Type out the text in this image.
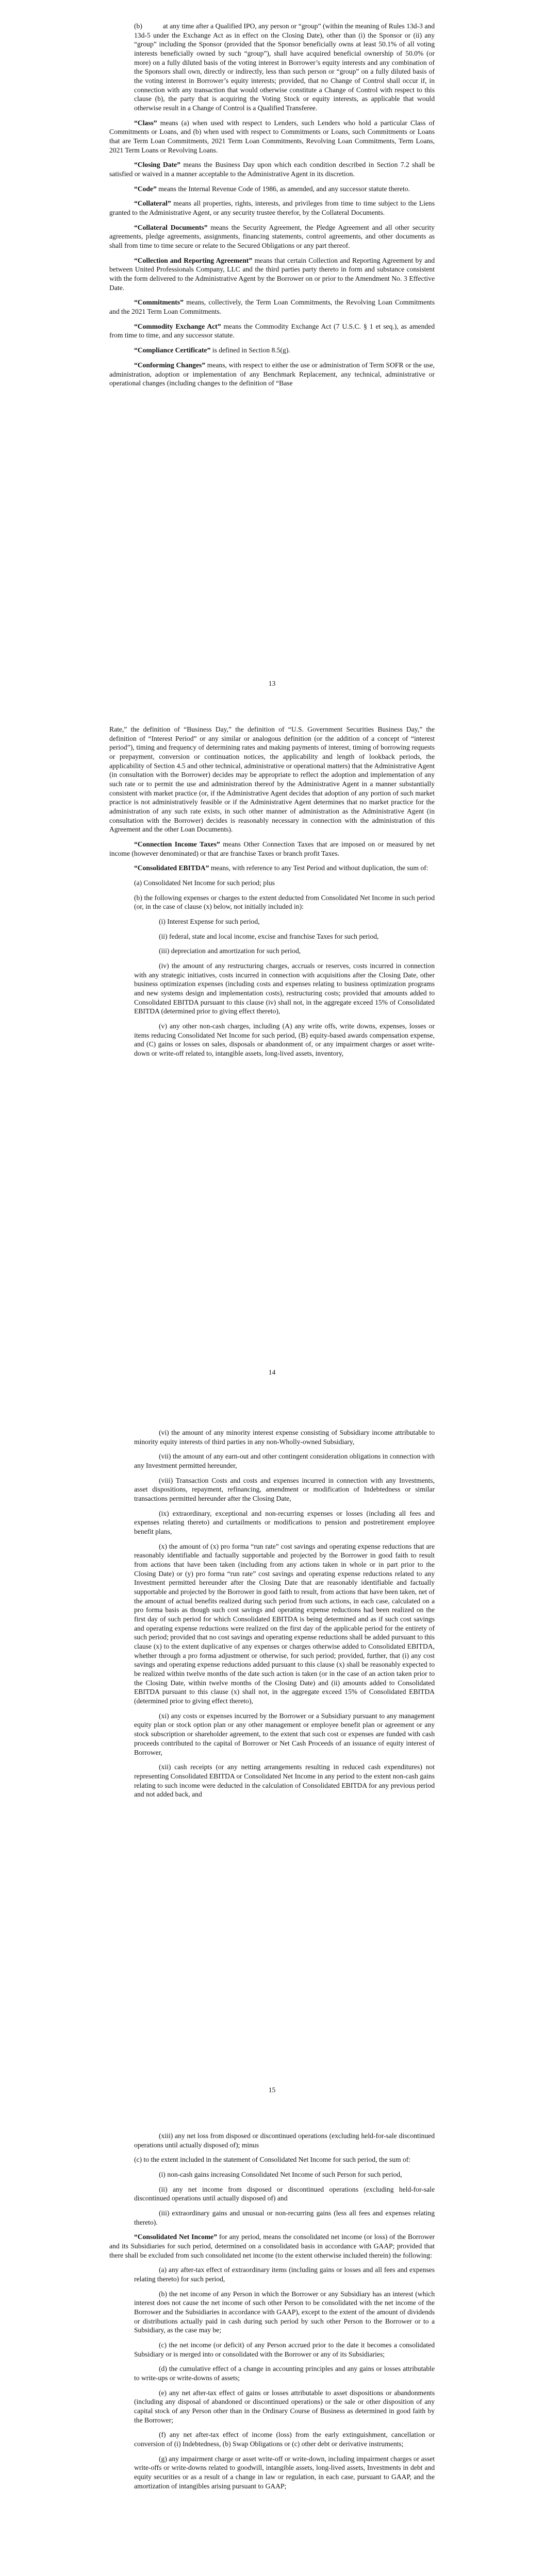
(b)	at any time after a Qualified IPO, any person or “group” (within the meaning of Rules 13d-3 and 13d-5 under the Exchange Act as in effect on the Closing Date), other than (i) the Sponsor or (ii) any “group” including the Sponsor (provided that the Sponsor beneficially owns at least 50.1% of all voting interests beneficially owned by such “group”), shall have acquired beneficial ownership of 50.0% (or more) on a fully diluted basis of the voting interest in Borrower’s equity interests and any combination of the Sponsors shall own, directly or indirectly, less than such person or “group” on a fully diluted basis of the voting interest in Borrower’s equity interests; provided, that no Change of Control shall occur if, in connection with any transaction that would otherwise constitute a Change of Control with respect to this clause (b), the party that is acquiring the Voting Stock or equity interests, as applicable that would otherwise result in a Change of Control is a Qualified Transferee.

“Class” means (a) when used with respect to Lenders, such Lenders who hold a particular Class of Commitments or Loans, and (b) when used with respect to Commitments or Loans, such Commitments or Loans that are Term Loan Commitments, 2021 Term Loan Commitments, Revolving Loan Commitments, Term Loans, 2021 Term Loans or Revolving Loans.

“Closing Date” means the Business Day upon which each condition described in Section 7.2 shall be satisfied or waived in a manner acceptable to the Administrative Agent in its discretion.

“Code” means the Internal Revenue Code of 1986, as amended, and any successor statute thereto.

“Collateral” means all properties, rights, interests, and privileges from time to time subject to the Liens granted to the Administrative Agent, or any security trustee therefor, by the Collateral Documents.

“Collateral Documents” means the Security Agreement, the Pledge Agreement and all other security agreements, pledge agreements, assignments, financing statements, control agreements, and other documents as shall from time to time secure or relate to the Secured Obligations or any part thereof.

“Collection and Reporting Agreement” means that certain Collection and Reporting Agreement by and between United Professionals Company, LLC and the third parties party thereto in form and substance consistent with the form delivered to the Administrative Agent by the Borrower on or prior to the Amendment No. 3 Effective Date.

“Commitments” means, collectively, the Term Loan Commitments, the Revolving Loan Commitments and the 2021 Term Loan Commitments.

“Commodity Exchange Act” means the Commodity Exchange Act (7 U.S.C. § 1 et seq.), as amended from time to time, and any successor statute.

“Compliance Certificate” is defined in Section 8.5(g).

“Conforming Changes” means, with respect to either the use or administration of Term SOFR or the use, administration, adoption or implementation of any Benchmark Replacement, any technical, administrative or operational changes (including changes to the definition of “Base

13

Rate,” the definition of “Business Day,” the definition of “U.S. Government Securities Business Day,” the definition of “Interest Period” or any similar or analogous definition (or the addition of a concept of “interest period”), timing and frequency of determining rates and making payments of interest, timing of borrowing requests or prepayment, conversion or continuation notices, the applicability and length of lookback periods, the applicability of Section 4.5 and other technical, administrative or operational matters) that the Administrative Agent (in consultation with the Borrower) decides may be appropriate to reflect the adoption and implementation of any such rate or to permit the use and administration thereof by the Administrative Agent in a manner substantially consistent with market practice (or, if the Administrative Agent decides that adoption of any portion of such market practice is not administratively feasible or if the Administrative Agent determines that no market practice for the administration of any such rate exists, in such other manner of administration as the Administrative Agent (in consultation with the Borrower) decides is reasonably necessary in connection with the administration of this Agreement and the other Loan Documents).

“Connection Income Taxes” means Other Connection Taxes that are imposed on or measured by net income (however denominated) or that are franchise Taxes or branch profit Taxes.

“Consolidated EBITDA” means, with reference to any Test Period and without duplication, the sum of:

(a) Consolidated Net Income for such period; plus

(b) the following expenses or charges to the extent deducted from Consolidated Net Income in such period (or, in the case of clause (x) below, not initially included in):

(i) Interest Expense for such period,

(ii) federal, state and local income, excise and franchise Taxes for such period,

(iii) depreciation and amortization for such period,

(iv) the amount of any restructuring charges, accruals or reserves, costs incurred in connection with any strategic initiatives, costs incurred in connection with acquisitions after the Closing Date, other business optimization expenses (including costs and expenses relating to business optimization programs and new systems design and implementation costs), restructuring costs; provided that amounts added to Consolidated EBITDA pursuant to this clause (iv) shall not, in the aggregate exceed 15% of Consolidated EBITDA (determined prior to giving effect thereto),

(v) any other non-cash charges, including (A) any write offs, write downs, expenses, losses or items reducing Consolidated Net Income for such period, (B) equity-based awards compensation expense, and (C) gains or losses on sales, disposals or abandonment of, or any impairment charges or asset write-down or write-off related to, intangible assets, long-lived assets, inventory,

14

(vi) the amount of any minority interest expense consisting of Subsidiary income attributable to minority equity interests of third parties in any non-Wholly-owned Subsidiary,

(vii) the amount of any earn-out and other contingent consideration obligations in connection with any Investment permitted hereunder,

(viii) Transaction Costs and costs and expenses incurred in connection with any Investments, asset dispositions, repayment, refinancing, amendment or modification of Indebtedness or similar transactions permitted hereunder after the Closing Date,

(ix) extraordinary, exceptional and non-recurring expenses or losses (including all fees and expenses relating thereto) and curtailments or modifications to pension and postretirement employee benefit plans,

(x) the amount of (x) pro forma “run rate” cost savings and operating expense reductions that are reasonably identifiable and factually supportable and projected by the Borrower in good faith to result from actions that have been taken (including from any actions taken in whole or in part prior to the Closing Date) or (y) pro forma “run rate” cost savings and operating expense reductions related to any Investment permitted hereunder after the Closing Date that are reasonably identifiable and factually supportable and projected by the Borrower in good faith to result, from actions that have been taken, net of the amount of actual benefits realized during such period from such actions, in each case, calculated on a pro forma basis as though such cost savings and operating expense reductions had been realized on the first day of such period for which Consolidated EBITDA is being determined and as if such cost savings and operating expense reductions were realized on the first day of the applicable period for the entirety of such period; provided that no cost savings and operating expense reductions shall be added pursuant to this clause (x) to the extent duplicative of any expenses or charges otherwise added to Consolidated EBITDA, whether through a pro forma adjustment or otherwise, for such period; provided, further, that (i) any cost savings and operating expense reductions added pursuant to this clause (x) shall be reasonably expected to be realized within twelve months of the date such action is taken (or in the case of an action taken prior to the Closing Date, within twelve months of the Closing Date) and (ii) amounts added to Consolidated EBITDA pursuant to this clause (x) shall not, in the aggregate exceed 15% of Consolidated EBITDA (determined prior to giving effect thereto),

(xi) any costs or expenses incurred by the Borrower or a Subsidiary pursuant to any management equity plan or stock option plan or any other management or employee benefit plan or agreement or any stock subscription or shareholder agreement, to the extent that such cost or expenses are funded with cash proceeds contributed to the capital of Borrower or Net Cash Proceeds of an issuance of equity interest of Borrower,

(xii) cash receipts (or any netting arrangements resulting in reduced cash expenditures) not representing Consolidated EBITDA or Consolidated Net Income in any period to the extent non-cash gains relating to such income were deducted in the calculation of Consolidated EBITDA for any previous period and not added back, and

15

(xiii) any net loss from disposed or discontinued operations (excluding held-for-sale discontinued operations until actually disposed of); minus

(c) to the extent included in the statement of Consolidated Net Income for such period, the sum of:

(i) non-cash gains increasing Consolidated Net Income of such Person for such period,

(ii) any net income from disposed or discontinued operations (excluding held-for-sale discontinued operations until actually disposed of) and

(iii) extraordinary gains and unusual or non-recurring gains (less all fees and expenses relating thereto).

“Consolidated Net Income” for any period, means the consolidated net income (or loss) of the Borrower and its Subsidiaries for such period, determined on a consolidated basis in accordance with GAAP; provided that there shall be excluded from such consolidated net income (to the extent otherwise included therein) the following:

(a) any after-tax effect of extraordinary items (including gains or losses and all fees and expenses relating thereto) for such period,

(b) the net income of any Person in which the Borrower or any Subsidiary has an interest (which interest does not cause the net income of such other Person to be consolidated with the net income of the Borrower and the Subsidiaries in accordance with GAAP), except to the extent of the amount of dividends or distributions actually paid in cash during such period by such other Person to the Borrower or to a Subsidiary, as the case may be;

(c) the net income (or deficit) of any Person accrued prior to the date it becomes a consolidated Subsidiary or is merged into or consolidated with the Borrower or any of its Subsidiaries;

(d) the cumulative effect of a change in accounting principles and any gains or losses attributable to write-ups or write-downs of assets;

(e) any net after-tax effect of gains or losses attributable to asset dispositions or abandonments (including any disposal of abandoned or discontinued operations) or the sale or other disposition of any capital stock of any Person other than in the Ordinary Course of Business as determined in good faith by the Borrower;

(f) any net after-tax effect of income (loss) from the early extinguishment, cancellation or conversion of (i) Indebtedness, (b) Swap Obligations or (c) other debt or derivative instruments;

(g) any impairment charge or asset write-off or write-down, including impairment charges or asset write-offs or write-downs related to goodwill, intangible assets, long-lived assets, Investments in debt and equity securities or as a result of a change in law or regulation, in each case, pursuant to GAAP, and the amortization of intangibles arising pursuant to GAAP;
